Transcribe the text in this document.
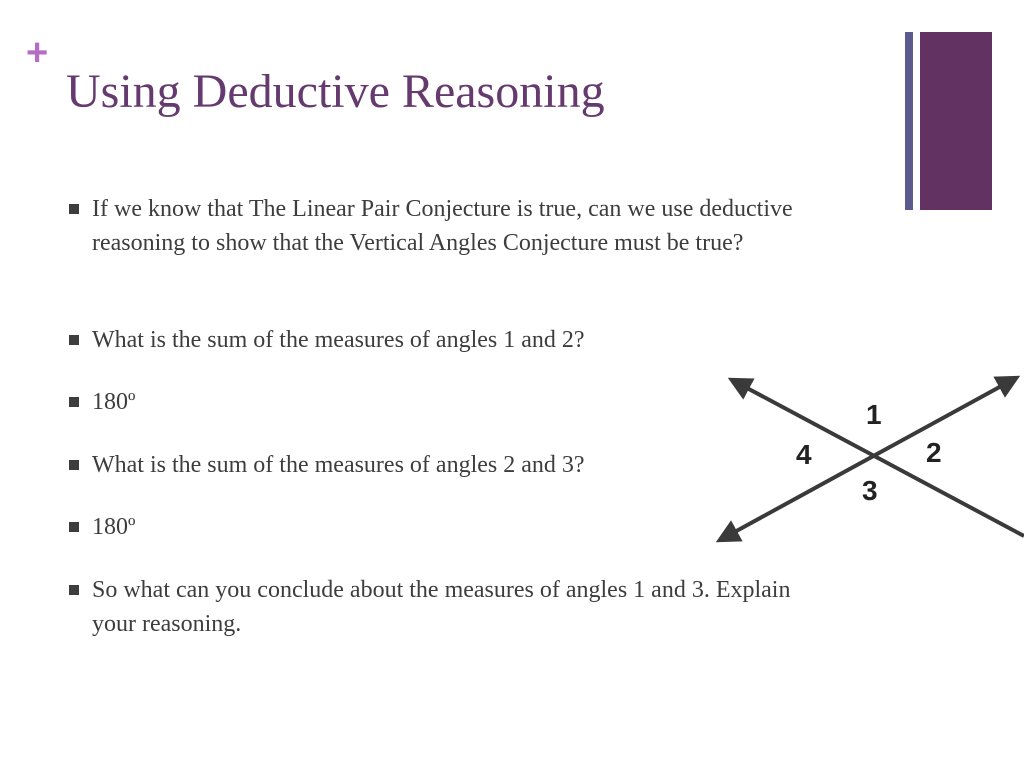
+
Using Deductive Reasoning
If we know that The Linear Pair Conjecture is true, can we use deductive reasoning to show that the Vertical Angles Conjecture must be true?
What is the sum of the measures of angles 1 and 2?
180º
What is the sum of the measures of angles 2 and 3?
180º
So what can you conclude about the measures of angles 1 and 3. Explain your reasoning.
1
2
3
4
